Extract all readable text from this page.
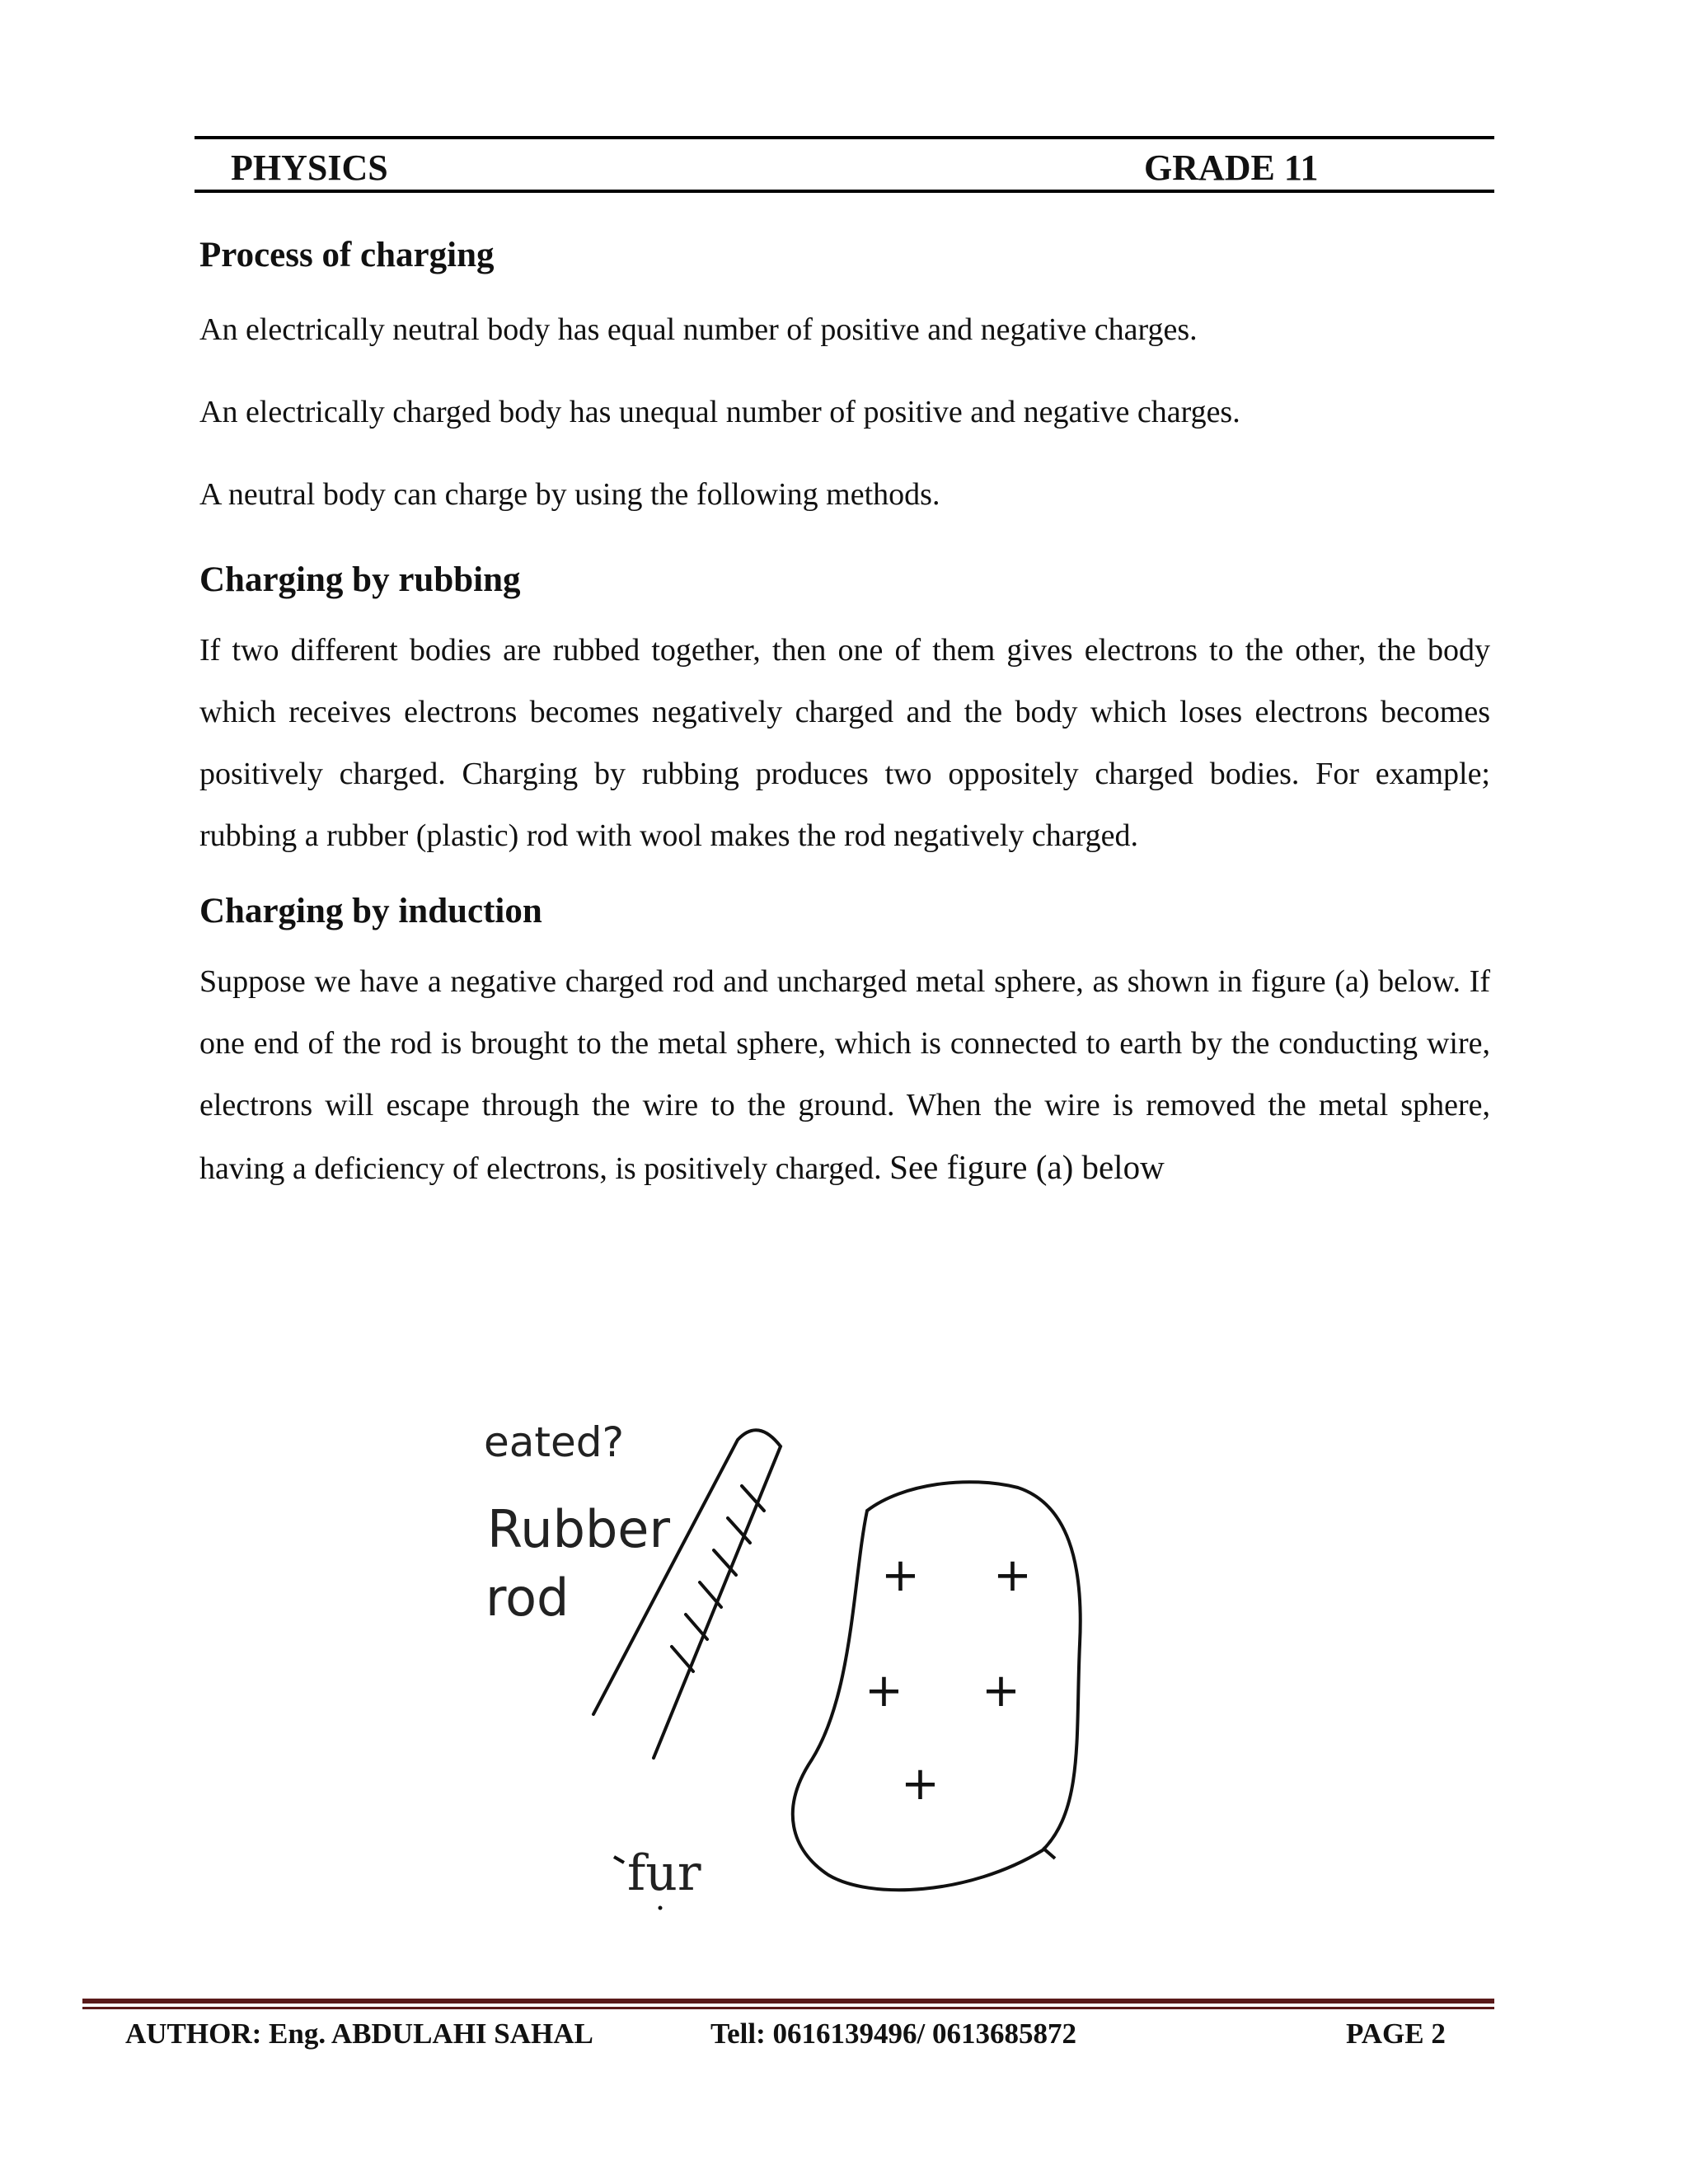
PHYSICS	GRADE 11
Process of charging

An electrically neutral body has equal number of positive and negative charges.

An electrically charged body has unequal number of positive and negative charges.

A neutral body can charge by using the following methods.

Charging by rubbing

If two different bodies are rubbed together, then one of them gives electrons to the other, the body which receives electrons becomes negatively charged and the body which loses electrons becomes positively charged. Charging by rubbing produces two oppositely charged bodies. For example; rubbing a rubber (plastic) rod with wool makes the rod negatively charged.

Charging by induction

Suppose we have a negative charged rod and uncharged metal sphere, as shown in figure (a) below. If one end of the rod is brought to the metal sphere, which is connected to earth by the conducting wire, electrons will escape through the wire to the ground. When the wire is removed the metal sphere, having a deficiency of electrons, is positively charged. See figure (a) below

eated?
Rubber
rod	+ +
+ +
+
fur
AUTHOR: Eng. ABDULAHI SAHAL	Tell: 0616139496/ 0613685872	PAGE 2
